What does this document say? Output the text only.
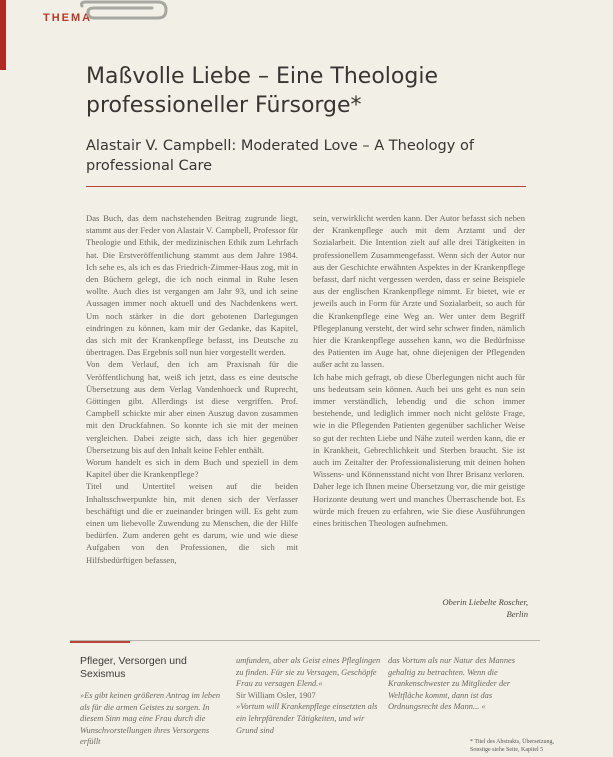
THEMA
Maßvolle Liebe – Eine Theologie
professioneller Fürsorge*
Alastair V. Campbell: Moderated Love – A Theology of
professional Care

Das Buch, das dem nachstehenden Beitrag zugrunde liegt, stammt aus der Feder von Alastair V. Campbell, Professor für Theologie und Ethik, der medizinischen Ethik zum Lehrfach hat. Die Erstveröffentlichung stammt aus dem Jahre 1984. Ich sehe es, als ich es das Friedrich-Zimmer-Haus zog, mit in den Büchern gelegt, die ich noch einmal in Ruhe lesen wollte. Auch dies ist vergangen am Jahr 93, und ich seine Aussagen immer noch aktuell und des Nachdenkens wert. Um noch stärker in die dort gebotenen Darlegungen eindringen zu können, kam mir der Gedanke, das Kapitel, das sich mit der Krankenpflege befasst, ins Deutsche zu übertragen. Das Ergebnis soll nun hier vorgestellt werden.

Von dem Verlauf, den ich am Praxisnah für die Veröffentlichung hat, weiß ich jetzt, dass es eine deutsche Übersetzung aus dem Verlag Vandenhoeck und Ruprecht, Göttingen gibt. Allerdings ist diese vergriffen. Prof. Campbell schickte mir aber einen Auszug davon zusammen mit den Druckfahnen. So konnte ich sie mit der meinen vergleichen. Dabei zeigte sich, dass ich hier gegenüber Übersetzung bis auf den Inhalt keine Fehler enthält.

Worum handelt es sich in dem Buch und speziell in dem Kapitel über die Krankenpflege?

Titel und Untertitel weisen auf die beiden Inhaltsschwerpunkte hin, mit denen sich der Verfasser beschäftigt und die er zueinander bringen will. Es geht zum einen um liebevolle Zuwendung zu Menschen, die der Hilfe bedürfen. Zum anderen geht es darum, wie und wie diese Aufgaben von den Professionen, die sich mit Hilfsbedürftigen befassen,

sein, verwirklicht werden kann. Der Autor befasst sich neben der Krankenpflege auch mit dem Arztamt und der Sozialarbeit. Die Intention zielt auf alle drei Tätigkeiten in professionellem Zusammengefasst. Wenn sich der Autor nur aus der Geschichte erwähnten Aspektes in der Krankenpflege befasst, darf nicht vergessen werden, dass er seine Beispiele aus der englischen Krankenpflege nimmt. Er bietet, wie er jeweils auch in Form für Arzte und Sozialarbeit, so auch für die Krankenpflege eine Weg an. Wer unter dem Begriff Pflegeplanung versteht, der wird sehr schwer finden, nämlich hier die Krankenpflege aussehen kann, wo die Bedürfnisse des Patienten im Auge hat, ohne diejenigen der Pflegenden außer acht zu lassen.

Ich habe mich gefragt, ob diese Überlegungen nicht auch für uns bedeutsam sein können. Auch bei uns geht es nun sein immer verständlich, lebendig und die schon immer bestehende, und lediglich immer noch nicht gelöste Frage, wie in die Pflegenden Patienten gegenüber sachlicher Weise so gut der rechten Liebe und Nähe zuteil werden kann, die er in Krankheit, Gebrechlichkeit und Sterben braucht. Sie ist auch im Zeitalter der Professionalisierung mit deinen hohen Wissens- und Könnensstand nicht von Ihrer Brisanz verloren.

Daher lege ich Ihnen meine Übersetzung vor, die mir geistige Horizonte deutung wert und manches Überraschende bot. Es würde mich freuen zu erfahren, wie Sie diese Ausführungen eines britischen Theologen aufnehmen.

Oberin Liebelte Roscher,
Berlin
Pfleger, Versorgen und
Sexismus

»Es gibt keinen größeren Antrag im leben als für die armen Geistes zu sorgen. In diesem Sinn mag eine Frau durch die Wunschvorstellungen ihres Versorgens erfüllt

umfunden, aber als Geist eines Pfleglingen zu finden. Für sie zu Versagen, Geschöpfe Frau zu versagen Elend.«

Sir William Osler, 1907

»Vortum will Krankenpflege einsetzten als ein lehrpfärender Tätigkeiten, und wir Grund sind

das Vortum als nur Natur des Mannes gehaltig zu betrachten. Wenn die Krankenschwester zu Mitglieder der Weltfläche kommt, dann ist das Ordnungsrecht des Mann... «

* Titel des Abstrakts, Übersetzung, Sonstige siehe Seite, Kapitel 5
